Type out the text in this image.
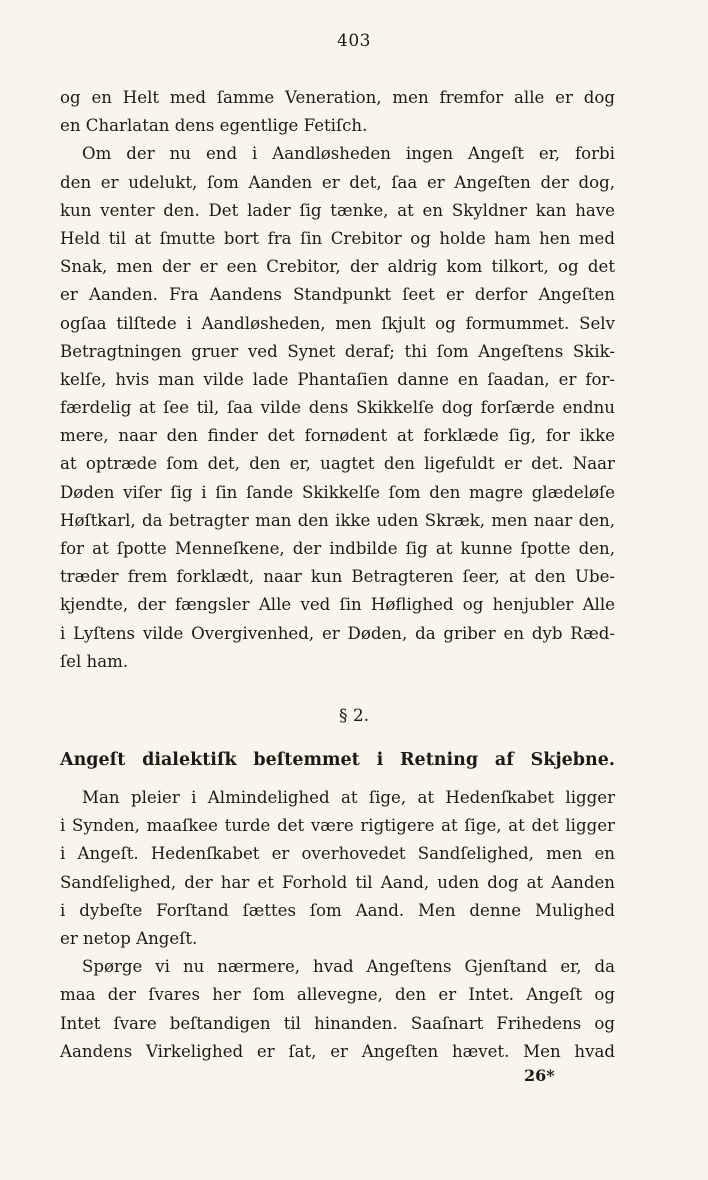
403
og en Helt med ſamme Veneration, men fremfor alle er dog
en Charlatan dens egentlige Fetiſch.
Om der nu end i Aandløsheden ingen Angeſt er, forbi
den er udelukt, ſom Aanden er det, ſaa er Angeſten der dog,
kun venter den. Det lader ſig tænke, at en Skyldner kan have
Held til at ſmutte bort fra ſin Crebitor og holde ham hen med
Snak, men der er een Crebitor, der aldrig kom tilkort, og det
er Aanden. Fra Aandens Standpunkt ſeet er derfor Angeſten
ogſaa tilſtede i Aandløsheden, men ſkjult og formummet. Selv
Betragtningen gruer ved Synet deraf; thi ſom Angeſtens Skik-
kelſe, hvis man vilde lade Phantaſien danne en ſaadan, er for-
færdelig at ſee til, ſaa vilde dens Skikkelſe dog forſærde endnu
mere, naar den finder det fornødent at forklæde ſig, for ikke
at optræde ſom det, den er, uagtet den ligefuldt er det. Naar
Døden viſer ſig i ſin ſande Skikkelſe ſom den magre glædeløſe
Høſtkarl, da betragter man den ikke uden Skræk, men naar den,
for at ſpotte Menneſkene, der indbilde ſig at kunne ſpotte den,
træder frem forklædt, naar kun Betragteren ſeer, at den Ube-
kjendte, der fængsler Alle ved ſin Høflighed og henjubler Alle
i Lyſtens vilde Overgivenhed, er Døden, da griber en dyb Ræd-
ſel ham.
§ 2.
Angeſt dialektiſk beſtemmet i Retning af Skjebne.
Man pleier i Almindelighed at ſige, at Hedenſkabet ligger
i Synden, maaſkee turde det være rigtigere at ſige, at det ligger
i Angeſt. Hedenſkabet er overhovedet Sandſelighed, men en
Sandſelighed, der har et Forhold til Aand, uden dog at Aanden
i dybeſte Forſtand ſættes ſom Aand. Men denne Mulighed
er netop Angeſt.
Spørge vi nu nærmere, hvad Angeſtens Gjenſtand er, da
maa der ſvares her ſom allevegne, den er Intet. Angeſt og
Intet ſvare beſtandigen til hinanden. Saaſnart Frihedens og
Aandens Virkelighed er ſat, er Angeſten hævet. Men hvad
26*
